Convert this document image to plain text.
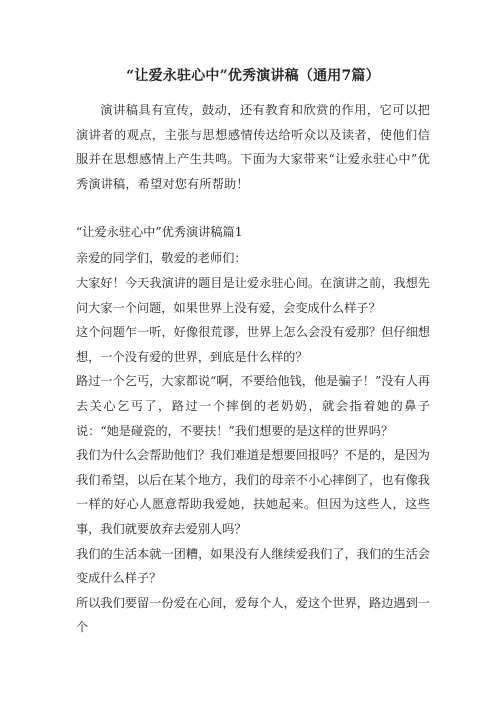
“让爱永驻心中”优秀演讲稿（通用7篇）

演讲稿具有宣传，鼓动，还有教育和欣赏的作用，它可以把演讲者的观点，主张与思想感情传达给听众以及读者，使他们信服并在思想感情上产生共鸣。下面为大家带来“让爱永驻心中”优秀演讲稿，希望对您有所帮助！

“让爱永驻心中”优秀演讲稿篇1

亲爱的同学们，敬爱的老师们：

大家好！今天我演讲的题目是让爱永驻心间。在演讲之前，我想先问大家一个问题，如果世界上没有爱，会变成什么样子？

这个问题乍一听，好像很荒谬，世界上怎么会没有爱那？但仔细想想，一个没有爱的世界，到底是什么样的？

路过一个乞丐，大家都说“啊，不要给他钱，他是骗子！”没有人再去关心乞丐了，路过一个摔倒的老奶奶，就会指着她的鼻子说：“她是碰瓷的，不要扶！”我们想要的是这样的世界吗？

我们为什么会帮助他们？我们难道是想要回报吗？不是的，是因为我们希望，以后在某个地方，我们的母亲不小心摔倒了，也有像我一样的好心人愿意帮助我爱她，扶她起来。但因为这些人，这些事，我们就要放弃去爱别人吗？

我们的生活本就一团糟，如果没有人继续爱我们了，我们的生活会变成什么样子？

所以我们要留一份爱在心间，爱每个人，爱这个世界，路边遇到一个
